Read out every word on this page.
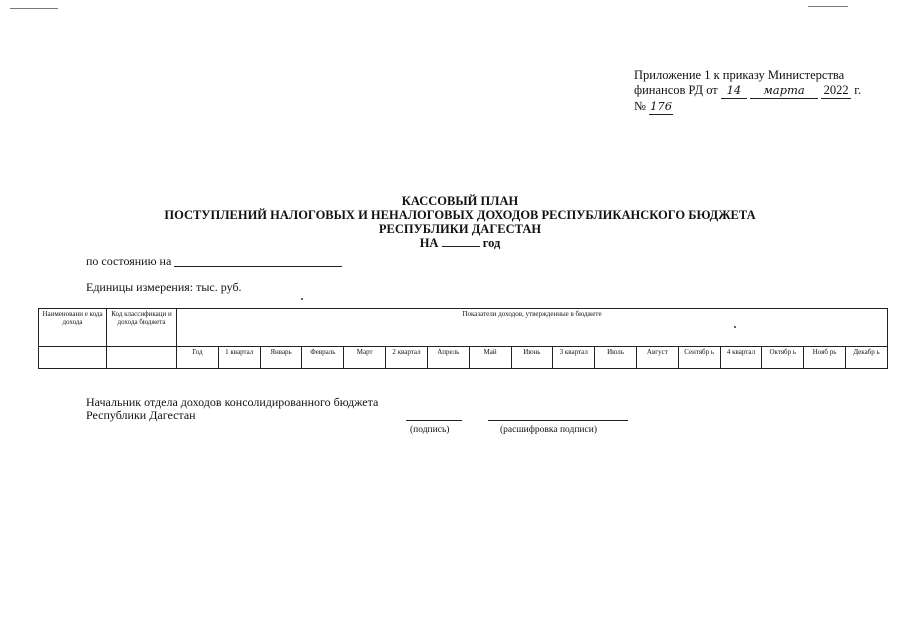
Приложение 1 к приказу Министерства
финансов РД от 14 марта 2022 г.
№ 176
КАССОВЫЙ ПЛАН
ПОСТУПЛЕНИЙ НАЛОГОВЫХ И НЕНАЛОГОВЫХ ДОХОДОВ РЕСПУБЛИКАНСКОГО БЮДЖЕТА
РЕСПУБЛИКИ ДАГЕСТАН
НА	год
по состоянию на
Единицы измерения: тыс. руб.
Наименовани е кода дохода	Код классификаци и дохода бюджета	Показатели доходов, утвержденные в бюджете																
		Год	1 квартал	Январь	Февраль	Март	2 квартал	Апрель	Май	Июнь	3 квартал	Июль	Август	Сентябр ь	4 квартал	Октябр ь	Нояб рь	Декабр ь
Начальник отдела доходов консолидированного бюджета
Республики Дагестан
(подпись)	(расшифровка подписи)
